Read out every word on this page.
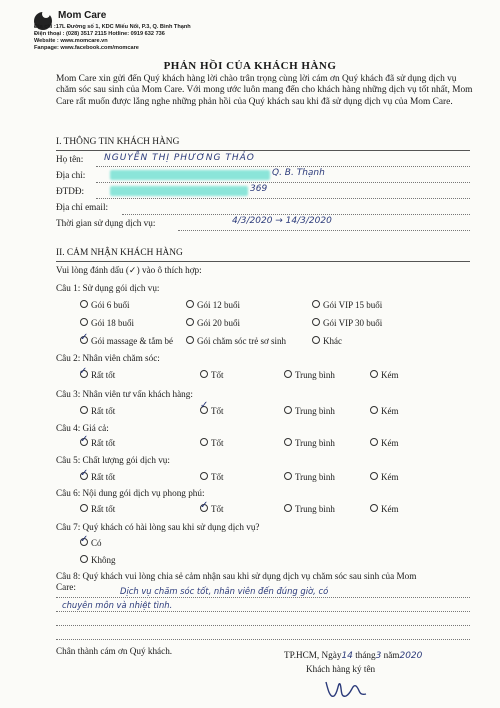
Mom Care
Địa chỉ :17L Đường số 1, KDC Miếu Nổi, P.3, Q. Bình Thạnh
Điện thoại : (028) 3517 2115 Hotline: 0919 632 736
Website : www.momcare.vn
Fanpage: www.facebook.com/momcare
PHẢN HỒI CỦA KHÁCH HÀNG
Mom Care xin gửi đến Quý khách hàng lời chào trân trọng cùng lời cám ơn Quý khách đã sử dụng dịch vụ chăm sóc sau sinh của Mom Care. Với mong ước luôn mang đến cho khách hàng những dịch vụ tốt nhất, Mom Care rất muốn được lắng nghe những phản hồi của Quý khách sau khi đã sử dụng dịch vụ của Mom Care.
I. THÔNG TIN KHÁCH HÀNG
Họ tên: NGUYỄN THỊ PHƯƠNG THẢO
Địa chỉ:	Q. B. Thạnh
ĐTDĐ:	369
Địa chỉ email:
Thời gian sử dụng dịch vụ:	4/3/2020 → 14/3/2020
II. CẢM NHẬN KHÁCH HÀNG
Vui lòng đánh dấu (✓) vào ô thích hợp:
Câu 1: Sử dụng gói dịch vụ:
Gói 6 buổi	Gói 12 buổi	Gói VIP 15 buổi
Gói 18 buổi	Gói 20 buổi	Gói VIP 30 buổi
Gói massage & tắm bé
✓	Gói chăm sóc trẻ sơ sinh	Khác
Câu 2: Nhân viên chăm sóc:
Rất tốt
✓	Tốt	Trung bình	Kém
Câu 3: Nhân viên tư vấn khách hàng:
Rất tốt	Tốt
✓	Trung bình	Kém
Câu 4: Giá cả:
Rất tốt
✓	Tốt	Trung bình	Kém
Câu 5: Chất lượng gói dịch vụ:
Rất tốt
✓	Tốt	Trung bình	Kém
Câu 6: Nội dung gói dịch vụ phong phú:
Rất tốt	Tốt
✓	Trung bình	Kém
Câu 7: Quý khách có hài lòng sau khi sử dụng dịch vụ?
Có
✓
Không
Câu 8: Quý khách vui lòng chia sẻ cảm nhận sau khi sử dụng dịch vụ chăm sóc sau sinh của Mom Care:	Dịch vụ chăm sóc tốt, nhân viên đến đúng giờ, có
chuyên môn và nhiệt tình.
Chân thành cám ơn Quý khách.	TP.HCM, Ngày14 tháng3 năm2020
Khách hàng ký tên
